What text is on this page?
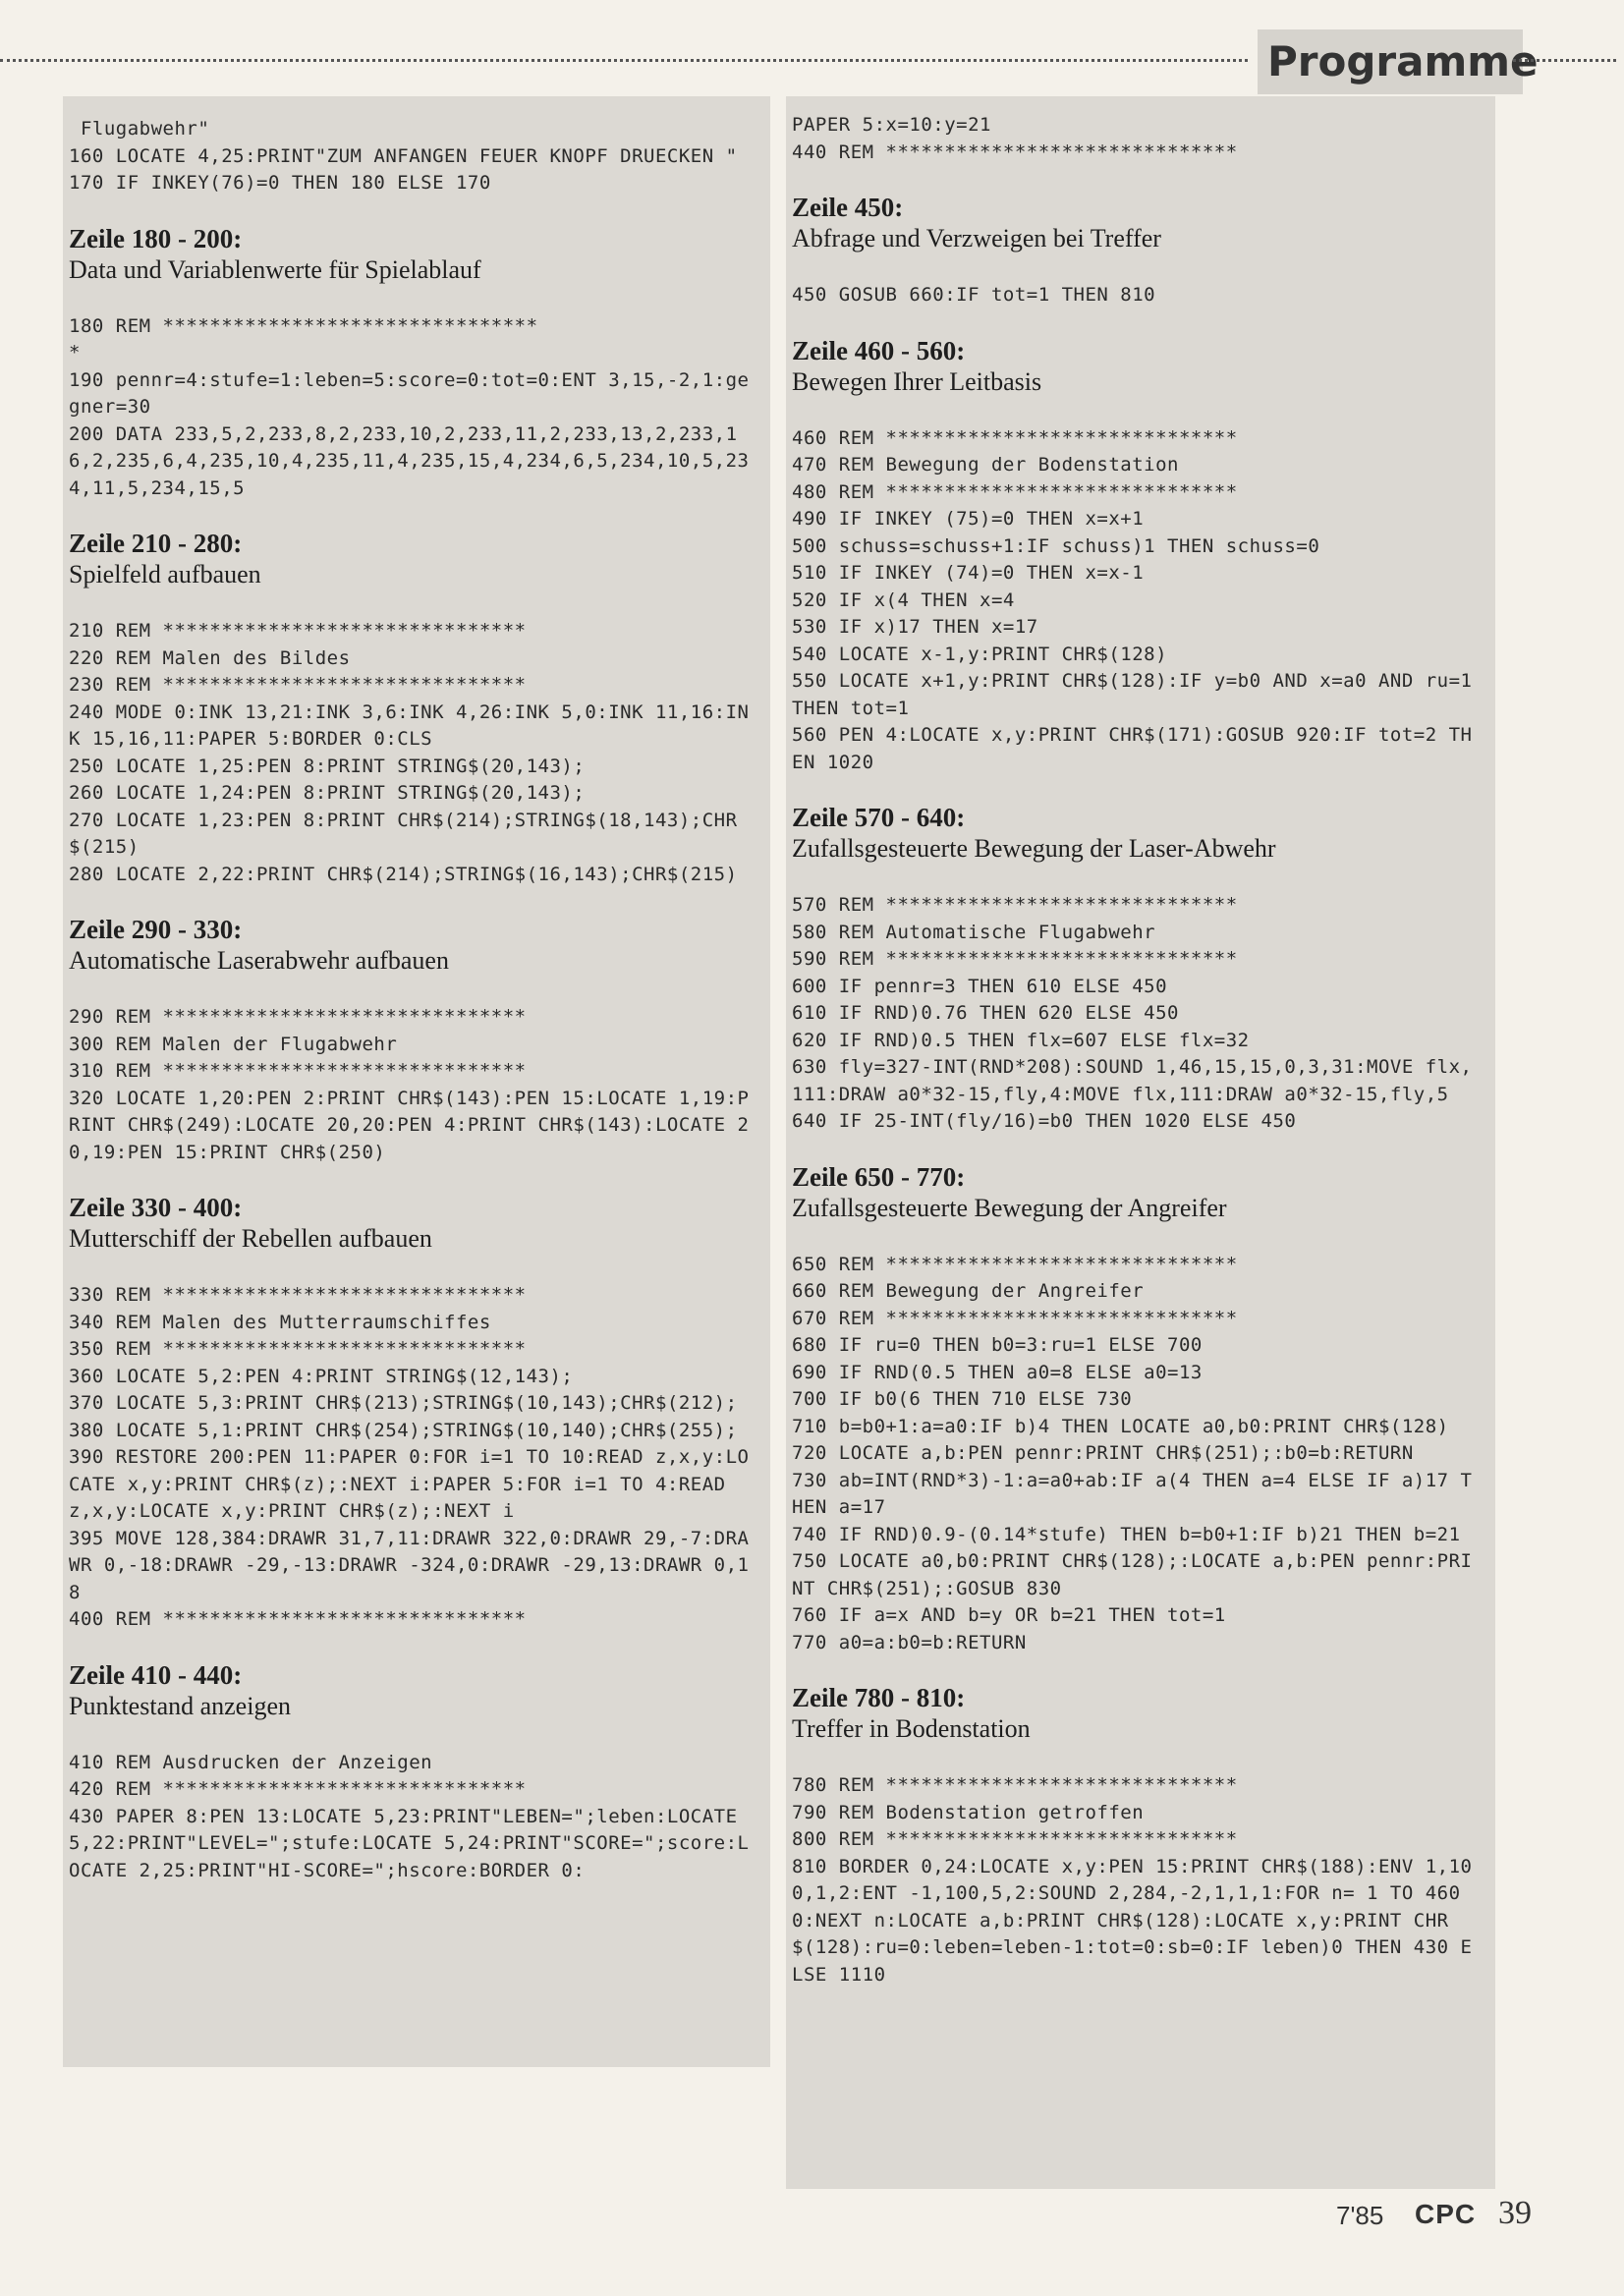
Programme
Flugabwehr"
160 LOCATE 4,25:PRINT"ZUM ANFANGEN FEUER KNOPF DRUECKEN "
170 IF INKEY(76)=0 THEN 180 ELSE 170
Zeile 180 - 200:
Data und Variablenwerte für Spielablauf
180 REM ********************************
*
190 pennr=4:stufe=1:leben=5:score=0:tot=0:ENT 3,15,-2,1:gegner=30
200 DATA 233,5,2,233,8,2,233,10,2,233,11,2,233,13,2,233,16,2,235,6,4,235,10,4,235,11,4,235,15,4,234,6,5,234,10,5,234,11,5,234,15,5
Zeile 210 - 280:
Spielfeld aufbauen
210 REM *******************************
220 REM Malen des Bildes
230 REM *******************************
240 MODE 0:INK 13,21:INK 3,6:INK 4,26:INK 5,0:INK 11,16:INK 15,16,11:PAPER 5:BORDER 0:CLS
250 LOCATE 1,25:PEN 8:PRINT STRING$(20,143);
260 LOCATE 1,24:PEN 8:PRINT STRING$(20,143);
270 LOCATE 1,23:PEN 8:PRINT CHR$(214);STRING$(18,143);CHR$(215)
280 LOCATE 2,22:PRINT CHR$(214);STRING$(16,143);CHR$(215)
Zeile 290 - 330:
Automatische Laserabwehr aufbauen
290 REM *******************************
300 REM Malen der Flugabwehr
310 REM *******************************
320 LOCATE 1,20:PEN 2:PRINT CHR$(143):PEN 15:LOCATE 1,19:PRINT CHR$(249):LOCATE 20,20:PEN 4:PRINT CHR$(143):LOCATE 20,19:PEN 15:PRINT CHR$(250)
Zeile 330 - 400:
Mutterschiff der Rebellen aufbauen
330 REM *******************************
340 REM Malen des Mutterraumschiffes
350 REM *******************************
360 LOCATE 5,2:PEN 4:PRINT STRING$(12,143);
370 LOCATE 5,3:PRINT CHR$(213);STRING$(10,143);CHR$(212);
380 LOCATE 5,1:PRINT CHR$(254);STRING$(10,140);CHR$(255);
390 RESTORE 200:PEN 11:PAPER 0:FOR i=1 TO 10:READ z,x,y:LOCATE x,y:PRINT CHR$(z);:NEXT i:PAPER 5:FOR i=1 TO 4:READ z,x,y:LOCATE x,y:PRINT CHR$(z);:NEXT i
395 MOVE 128,384:DRAWR 31,7,11:DRAWR 322,0:DRAWR 29,-7:DRAWR 0,-18:DRAWR -29,-13:DRAWR -324,0:DRAWR -29,13:DRAWR 0,18
400 REM *******************************
Zeile 410 - 440:
Punktestand anzeigen
410 REM Ausdrucken der Anzeigen
420 REM *******************************
430 PAPER 8:PEN 13:LOCATE 5,23:PRINT"LEBEN=";leben:LOCATE 5,22:PRINT"LEVEL=";stufe:LOCATE 5,24:PRINT"SCORE=";score:LOCATE 2,25:PRINT"HI-SCORE=";hscore:BORDER 0:
PAPER 5:x=10:y=21
440 REM ******************************
Zeile 450:
Abfrage und Verzweigen bei Treffer
450 GOSUB 660:IF tot=1 THEN 810
Zeile 460 - 560:
Bewegen Ihrer Leitbasis
460 REM ******************************
470 REM Bewegung der Bodenstation
480 REM ******************************
490 IF INKEY (75)=0 THEN x=x+1
500 schuss=schuss+1:IF schuss)1 THEN schuss=0
510 IF INKEY (74)=0 THEN x=x-1
520 IF x(4 THEN x=4
530 IF x)17 THEN x=17
540 LOCATE x-1,y:PRINT CHR$(128)
550 LOCATE x+1,y:PRINT CHR$(128):IF y=b0 AND x=a0 AND ru=1 THEN tot=1
560 PEN 4:LOCATE x,y:PRINT CHR$(171):GOSUB 920:IF tot=2 THEN 1020
Zeile 570 - 640:
Zufallsgesteuerte Bewegung der Laser-Abwehr
570 REM ******************************
580 REM Automatische Flugabwehr
590 REM ******************************
600 IF pennr=3 THEN 610 ELSE 450
610 IF RND)0.76 THEN 620 ELSE 450
620 IF RND)0.5 THEN flx=607 ELSE flx=32
630 fly=327-INT(RND*208):SOUND 1,46,15,15,0,3,31:MOVE flx,111:DRAW a0*32-15,fly,4:MOVE flx,111:DRAW a0*32-15,fly,5
640 IF 25-INT(fly/16)=b0 THEN 1020 ELSE 450
Zeile 650 - 770:
Zufallsgesteuerte Bewegung der Angreifer
650 REM ******************************
660 REM Bewegung der Angreifer
670 REM ******************************
680 IF ru=0 THEN b0=3:ru=1 ELSE 700
690 IF RND(0.5 THEN a0=8 ELSE a0=13
700 IF b0(6 THEN 710 ELSE 730
710 b=b0+1:a=a0:IF b)4 THEN LOCATE a0,b0:PRINT CHR$(128)
720 LOCATE a,b:PEN pennr:PRINT CHR$(251);:b0=b:RETURN
730 ab=INT(RND*3)-1:a=a0+ab:IF a(4 THEN a=4 ELSE IF a)17 THEN a=17
740 IF RND)0.9-(0.14*stufe) THEN b=b0+1:IF b)21 THEN b=21
750 LOCATE a0,b0:PRINT CHR$(128);:LOCATE a,b:PEN pennr:PRINT CHR$(251);:GOSUB 830
760 IF a=x AND b=y OR b=21 THEN tot=1
770 a0=a:b0=b:RETURN
Zeile 780 - 810:
Treffer in Bodenstation
780 REM ******************************
790 REM Bodenstation getroffen
800 REM ******************************
810 BORDER 0,24:LOCATE x,y:PEN 15:PRINT CHR$(188):ENV 1,100,1,2:ENT -1,100,5,2:SOUND 2,284,-2,1,1,1:FOR n= 1 TO 4600:NEXT n:LOCATE a,b:PRINT CHR$(128):LOCATE x,y:PRINT CHR$(128):ru=0:leben=leben-1:tot=0:sb=0:IF leben)0 THEN 430 ELSE 1110
7'85 CPC 39
